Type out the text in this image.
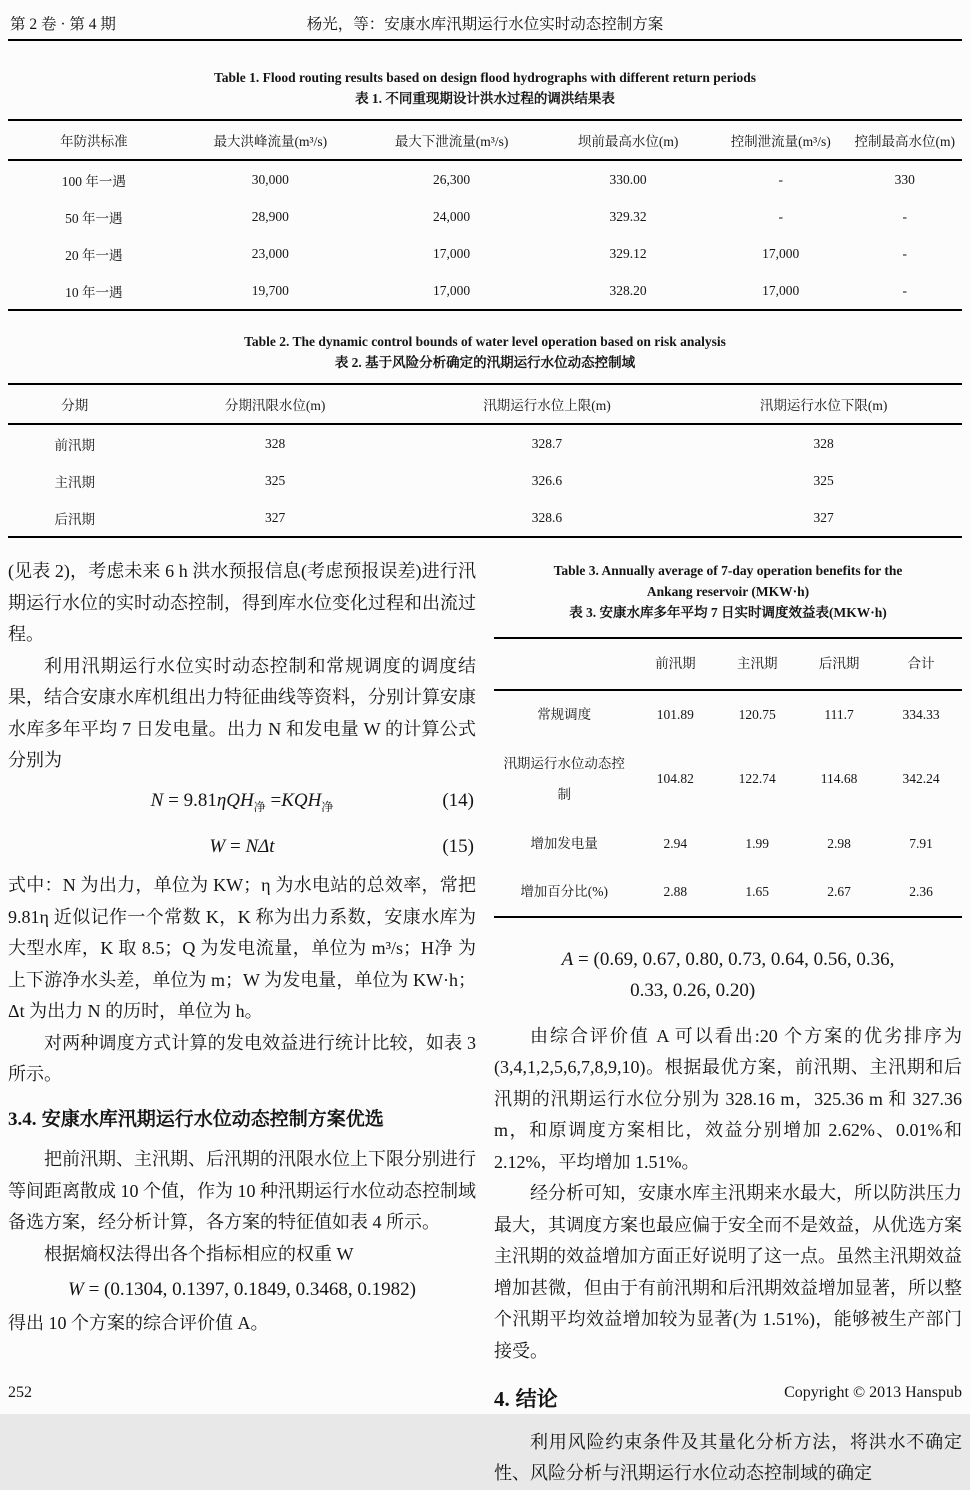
第 2 卷 · 第 4 期	杨光，等：安康水库汛期运行水位实时动态控制方案
Table 1. Flood routing results based on design flood hydrographs with different return periods
表 1. 不同重现期设计洪水过程的调洪结果表
年防洪标准	最大洪峰流量(m³/s)	最大下泄流量(m³/s)	坝前最高水位(m)	控制泄流量(m³/s)	控制最高水位(m)
100 年一遇	30,000	26,300	330.00	-	330
50 年一遇	28,900	24,000	329.32	-	-
20 年一遇	23,000	17,000	329.12	17,000	-
10 年一遇	19,700	17,000	328.20	17,000	-
Table 2. The dynamic control bounds of water level operation based on risk analysis
表 2. 基于风险分析确定的汛期运行水位动态控制域
分期	分期汛限水位(m)	汛期运行水位上限(m)	汛期运行水位下限(m)
前汛期	328	328.7	328
主汛期	325	326.6	325
后汛期	327	328.6	327

(见表 2)，考虑未来 6 h 洪水预报信息(考虑预报误差)进行汛期运行水位的实时动态控制，得到库水位变化过程和出流过程。

利用汛期运行水位实时动态控制和常规调度的调度结果，结合安康水库机组出力特征曲线等资料，分别计算安康水库多年平均 7 日发电量。出力 N 和发电量 W 的计算公式分别为

$N = 9.81\eta QH_净 =KQH_净$	(14)
W = NΔt	(15)

式中：N 为出力，单位为 KW；η 为水电站的总效率，常把 9.81η 近似记作一个常数 K，K 称为出力系数，安康水库为大型水库，K 取 8.5；Q 为发电流量，单位为 m³/s；H净 为上下游净水头差，单位为 m；W 为发电量，单位为 KW·h；Δt 为出力 N 的历时，单位为 h。

对两种调度方式计算的发电效益进行统计比较，如表 3 所示。

3.4. 安康水库汛期运行水位动态控制方案优选

把前汛期、主汛期、后汛期的汛限水位上下限分别进行等间距离散成 10 个值，作为 10 种汛期运行水位动态控制域备选方案，经分析计算，各方案的特征值如表 4 所示。

根据熵权法得出各个指标相应的权重 W

W = (0.1304, 0.1397, 0.1849, 0.3468, 0.1982)

得出 10 个方案的综合评价值 A。

Table 3. Annually average of 7-day operation benefits for the
Ankang reservoir (MKW·h)
表 3. 安康水库多年平均 7 日实时调度效益表(MKW·h)
	前汛期	主汛期	后汛期	合计
常规调度	101.89	120.75	111.7	334.33
汛期运行水位动态控制	104.82	122.74	114.68	342.24
增加发电量	2.94	1.99	2.98	7.91
增加百分比(%)	2.88	1.65	2.67	2.36
A = (0.69, 0.67, 0.80, 0.73, 0.64, 0.56, 0.36,
0.33, 0.26, 0.20)

由综合评价值 A 可以看出:20 个方案的优劣排序为(3,4,1,2,5,6,7,8,9,10)。根据最优方案，前汛期、主汛期和后汛期的汛期运行水位分别为 328.16 m，325.36 m 和 327.36 m，和原调度方案相比，效益分别增加 2.62%、0.01%和 2.12%，平均增加 1.51%。

经分析可知，安康水库主汛期来水最大，所以防洪压力最大，其调度方案也最应偏于安全而不是效益，从优选方案主汛期的效益增加方面正好说明了这一点。虽然主汛期效益增加甚微，但由于有前汛期和后汛期效益增加显著，所以整个汛期平均效益增加较为显著(为 1.51%)，能够被生产部门接受。

4. 结论

利用风险约束条件及其量化分析方法，将洪水不确定性、风险分析与汛期运行水位动态控制域的确定

252	Copyright © 2013 Hanspub
